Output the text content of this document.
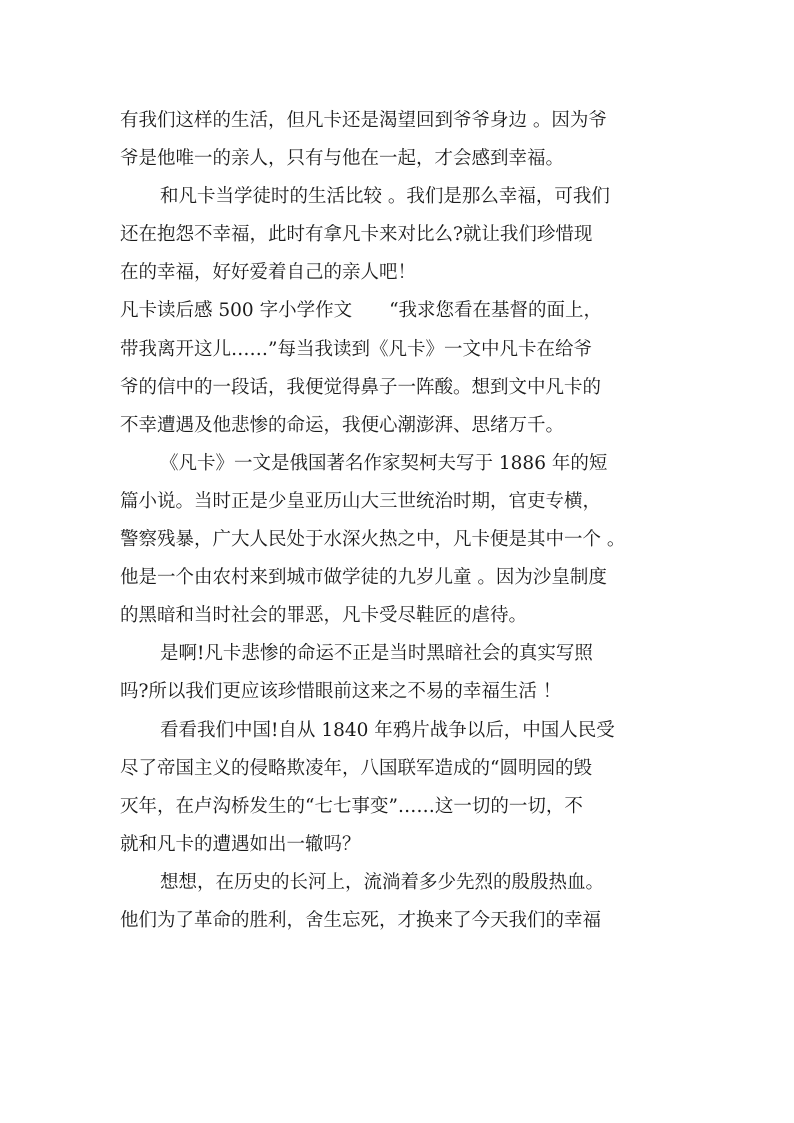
有我们这样的生活，但凡卡还是渴望回到爷爷身边 。因为爷
爷是他唯一的亲人，只有与他在一起，才会感到幸福。
和凡卡当学徒时的生活比较 。我们是那么幸福，可我们
还在抱怨不幸福，此时有拿凡卡来对比么?就让我们珍惜现
在的幸福，好好爱着自己的亲人吧！
凡卡读后感 500 字小学作文　　“我求您看在基督的面上，
带我离开这儿……”每当我读到《凡卡》一文中凡卡在给爷
爷的信中的一段话，我便觉得鼻子一阵酸。想到文中凡卡的
不幸遭遇及他悲惨的命运，我便心潮澎湃、思绪万千。
《凡卡》一文是俄国著名作家契柯夫写于 1886 年的短
篇小说。当时正是少皇亚历山大三世统治时期，官吏专横，
警察残暴，广大人民处于水深火热之中，凡卡便是其中一个 。
他是一个由农村来到城市做学徒的九岁儿童 。因为沙皇制度
的黑暗和当时社会的罪恶，凡卡受尽鞋匠的虐待。
是啊!凡卡悲惨的命运不正是当时黑暗社会的真实写照
吗?所以我们更应该珍惜眼前这来之不易的幸福生活 ！
看看我们中国!自从 1840 年鸦片战争以后，中国人民受
尽了帝国主义的侵略欺凌年，八国联军造成的“圆明园的毁
灭年，在卢沟桥发生的“七七事变”……这一切的一切，不
就和凡卡的遭遇如出一辙吗？
想想，在历史的长河上，流淌着多少先烈的殷殷热血。
他们为了革命的胜利，舍生忘死，才换来了今天我们的幸福
